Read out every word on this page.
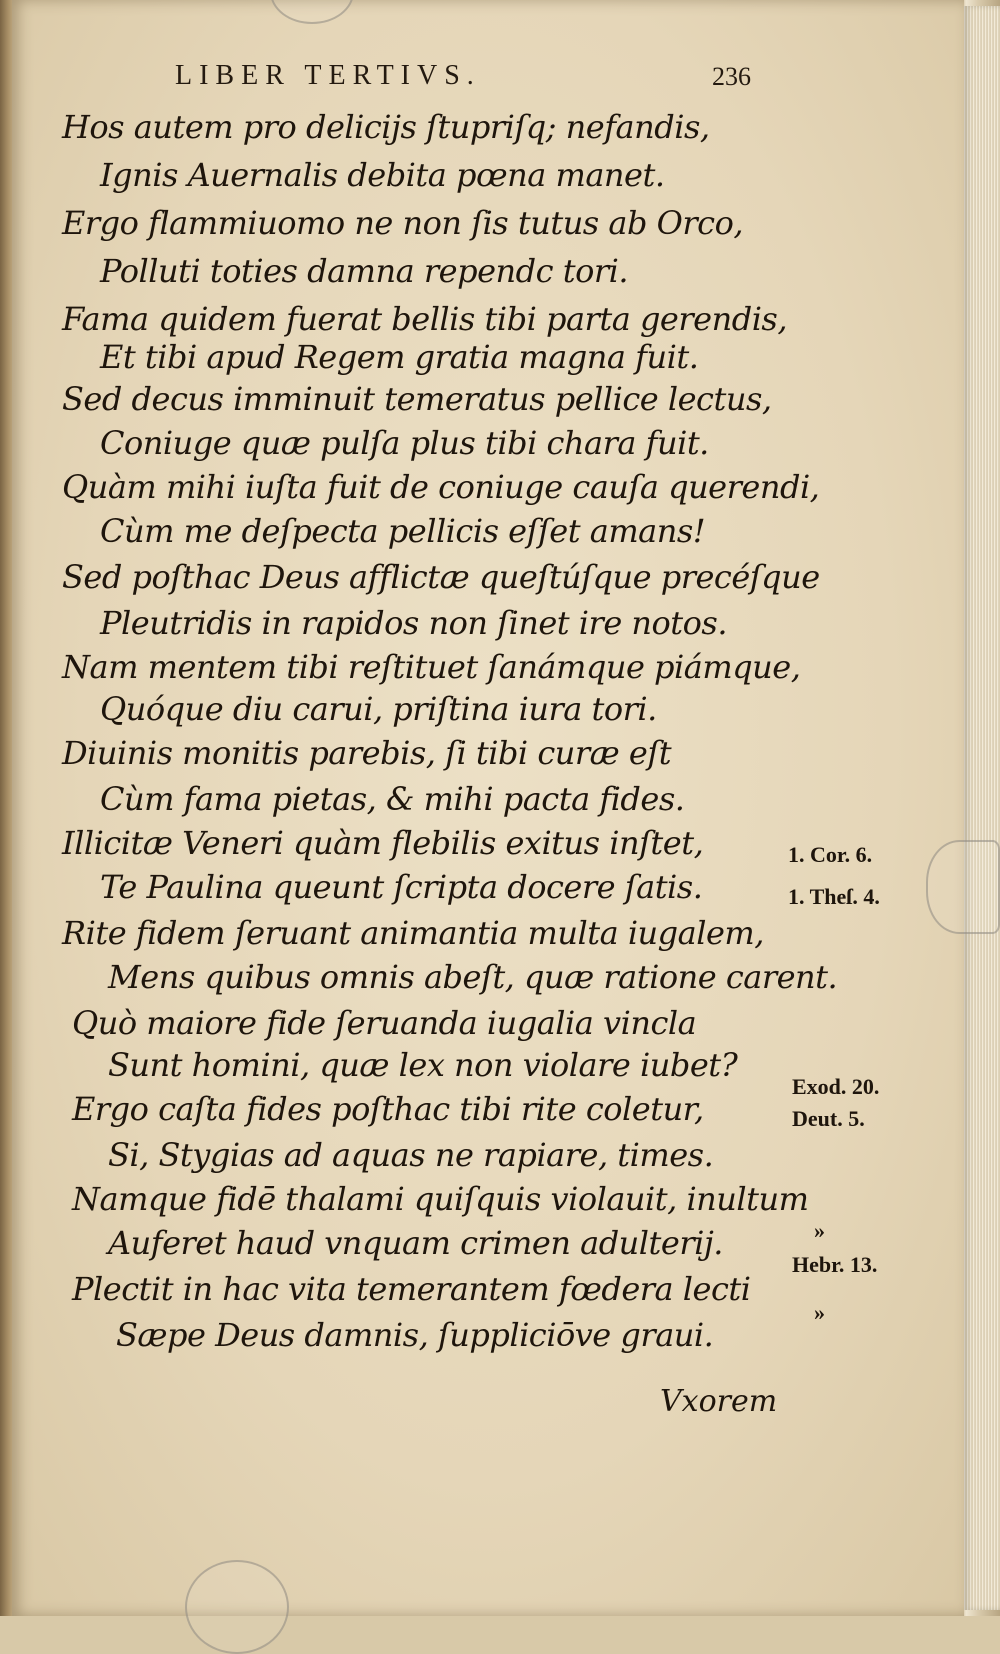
LIBER TERTIVS.	236
Hos autem pro delicijs ſtupriſq; nefandis,
Ignis Auernalis debita pœna manet.
Ergo flammiuomo ne non ſis tutus ab Orco,
Polluti toties damna rependc tori.
Fama quidem fuerat bellis tibi parta gerendis,
Et tibi apud Regem gratia magna fuit.
Sed decus imminuit temeratus pellice lectus,
Coniuge quæ pulſa plus tibi chara fuit.
Quàm mihi iuſta fuit de coniuge cauſa querendi,
Cùm me deſpecta pellicis eſſet amans!
Sed poſthac Deus afflictæ queſtúſque precéſque
Pleutridis in rapidos non ſinet ire notos.
Nam mentem tibi reſtituet ſanámque piámque,
Quóque diu carui, priſtina iura tori.
Diuinis monitis parebis, ſi tibi curæ eſt
Cùm fama pietas, & mihi pacta fides.
Illicitæ Veneri quàm flebilis exitus inſtet,
Te Paulina queunt ſcripta docere ſatis.
Rite fidem ſeruant animantia multa iugalem,
Mens quibus omnis abeſt, quæ ratione carent.
Quò maiore fide ſeruanda iugalia vincla
Sunt homini, quæ lex non violare iubet?
Ergo caſta fides poſthac tibi rite coletur,
Si, Stygias ad aquas ne rapiare, times.
Namque fidē thalami quiſquis violauit, inultum
Auferet haud vnquam crimen adulterij.
Plectit in hac vita temerantem fœdera lecti
Sæpe Deus damnis, ſuppliciōve graui.
1. Cor. 6.
1. Theſ. 4.
Exod. 20.
Deut. 5.
»
Hebr. 13.
»
Vxorem
